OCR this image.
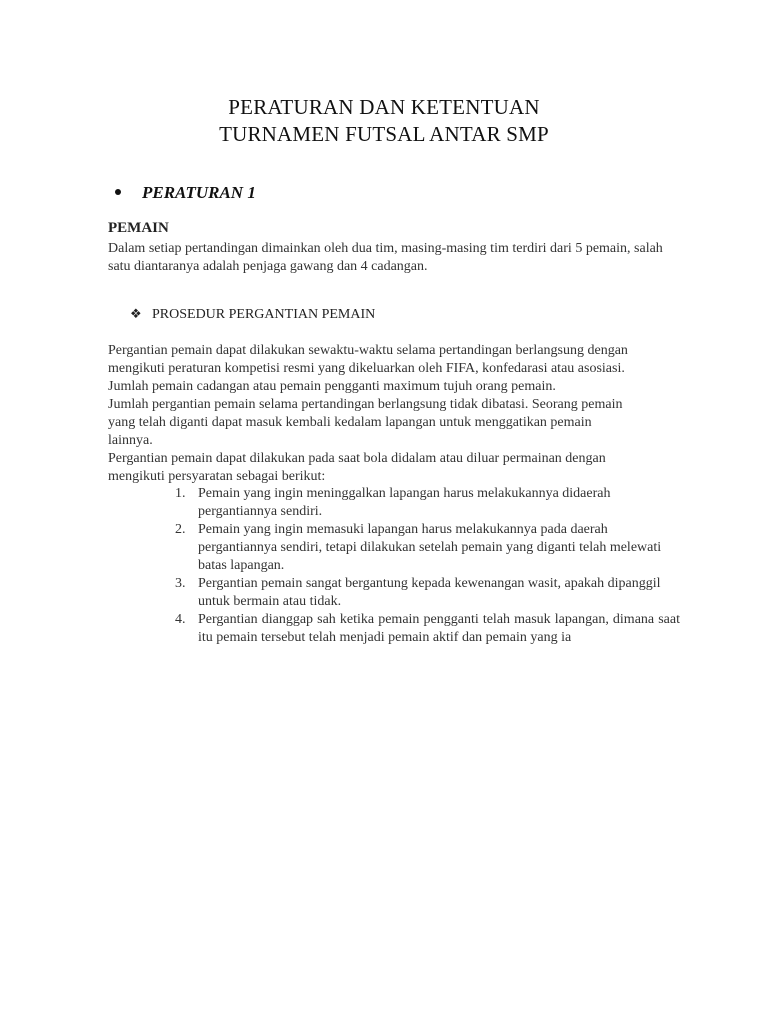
PERATURAN DAN KETENTUAN
TURNAMEN FUTSAL ANTAR SMP
PERATURAN 1
PEMAIN
Dalam setiap pertandingan dimainkan oleh dua tim, masing-masing tim terdiri dari 5 pemain, salah satu diantaranya adalah penjaga gawang dan 4 cadangan.
❖ PROSEDUR PERGANTIAN PEMAIN
Pergantian pemain dapat dilakukan sewaktu-waktu selama pertandingan berlangsung dengan
mengikuti peraturan kompetisi resmi yang dikeluarkan oleh FIFA, konfedarasi atau asosiasi.
Jumlah pemain cadangan atau pemain pengganti maximum tujuh orang pemain.
Jumlah pergantian pemain selama pertandingan berlangsung tidak dibatasi. Seorang pemain
yang telah diganti dapat masuk kembali kedalam lapangan untuk menggatikan pemain
lainnya.
Pergantian pemain dapat dilakukan pada saat bola didalam atau diluar permainan dengan
mengikuti persyaratan sebagai berikut:
1. Pemain yang ingin meninggalkan lapangan harus melakukannya didaerah pergantiannya sendiri.
2. Pemain yang ingin memasuki lapangan harus melakukannya pada daerah pergantiannya sendiri, tetapi dilakukan setelah pemain yang diganti telah melewati batas lapangan.
3. Pergantian pemain sangat bergantung kepada kewenangan wasit, apakah dipanggil untuk bermain atau tidak.
4. Pergantian dianggap sah ketika pemain pengganti telah masuk lapangan, dimana saat itu pemain tersebut telah menjadi pemain aktif dan pemain yang ia
